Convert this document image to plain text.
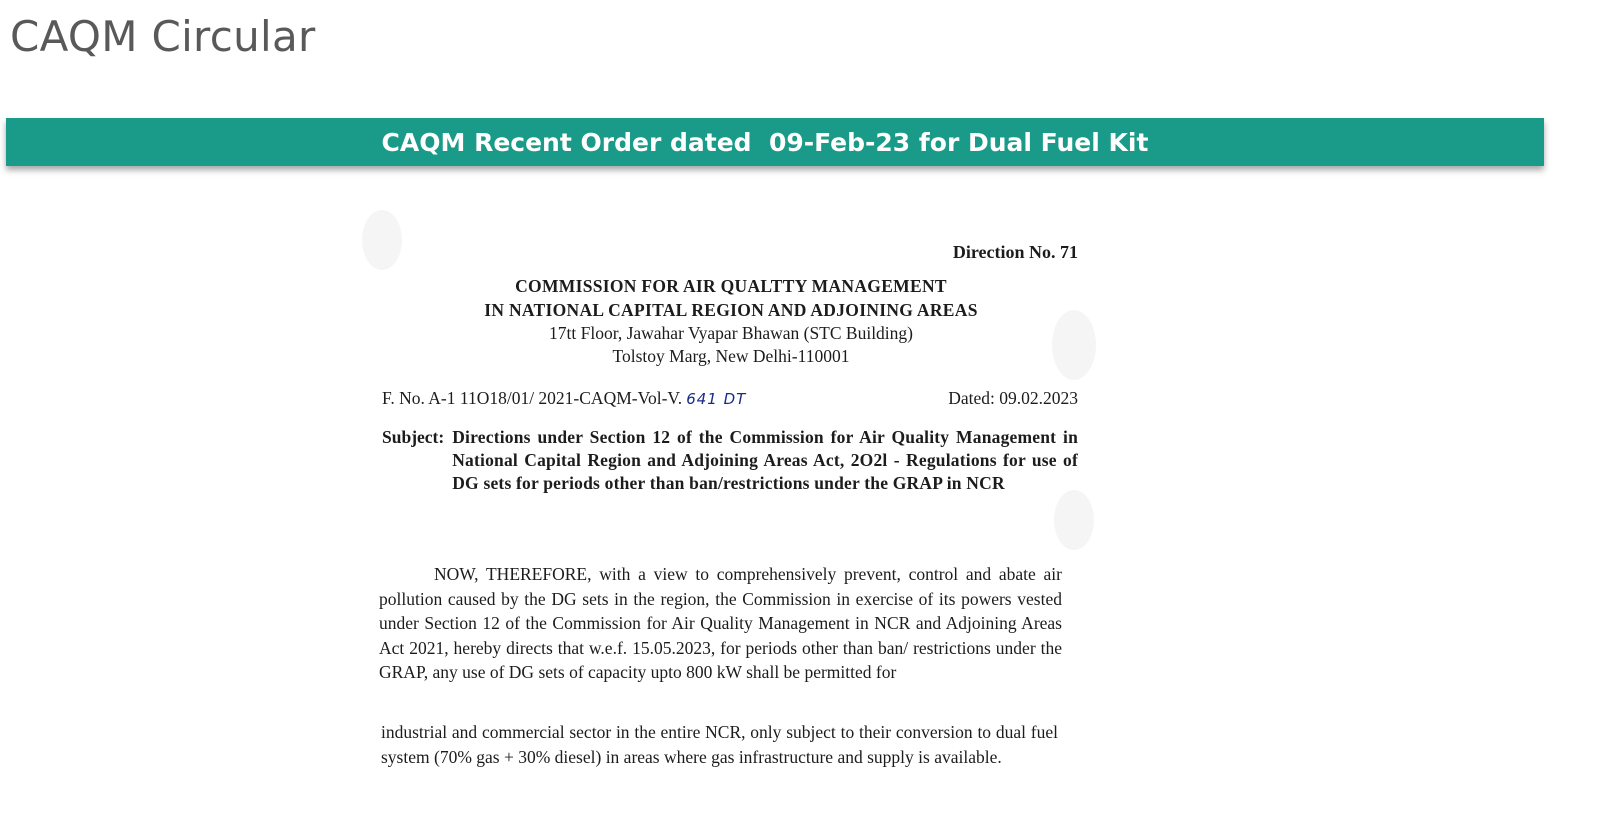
CAQM Circular
CAQM Recent Order dated  09-Feb-23 for Dual Fuel Kit
Direction No. 71
COMMISSION FOR AIR QUALTTY MANAGEMENT
IN NATIONAL CAPITAL REGION AND ADJOINING AREAS
17tt Floor, Jawahar Vyapar Bhawan (STC Building)
Tolstoy Marg, New Delhi-110001
F. No. A-1 11O18/01/ 2021-CAQM-Vol-V. 641 DT	Dated: 09.02.2023
Subject: Directions under Section 12 of the Commission for Air Quality Management in National Capital Region and Adjoining Areas Act, 2O2l - Regulations for use of DG sets for periods other than ban/restrictions under the GRAP in NCR
NOW, THEREFORE, with a view to comprehensively prevent, control and abate air pollution caused by the DG sets in the region, the Commission in exercise of its powers vested under Section 12 of the Commission for Air Quality Management in NCR and Adjoining Areas Act 2021, hereby directs that w.e.f. 15.05.2023, for periods other than ban/ restrictions under the GRAP, any use of DG sets of capacity upto 800 kW shall be permitted for
industrial and commercial sector in the entire NCR, only subject to their conversion to dual fuel system (70% gas + 30% diesel) in areas where gas infrastructure and supply is available.
